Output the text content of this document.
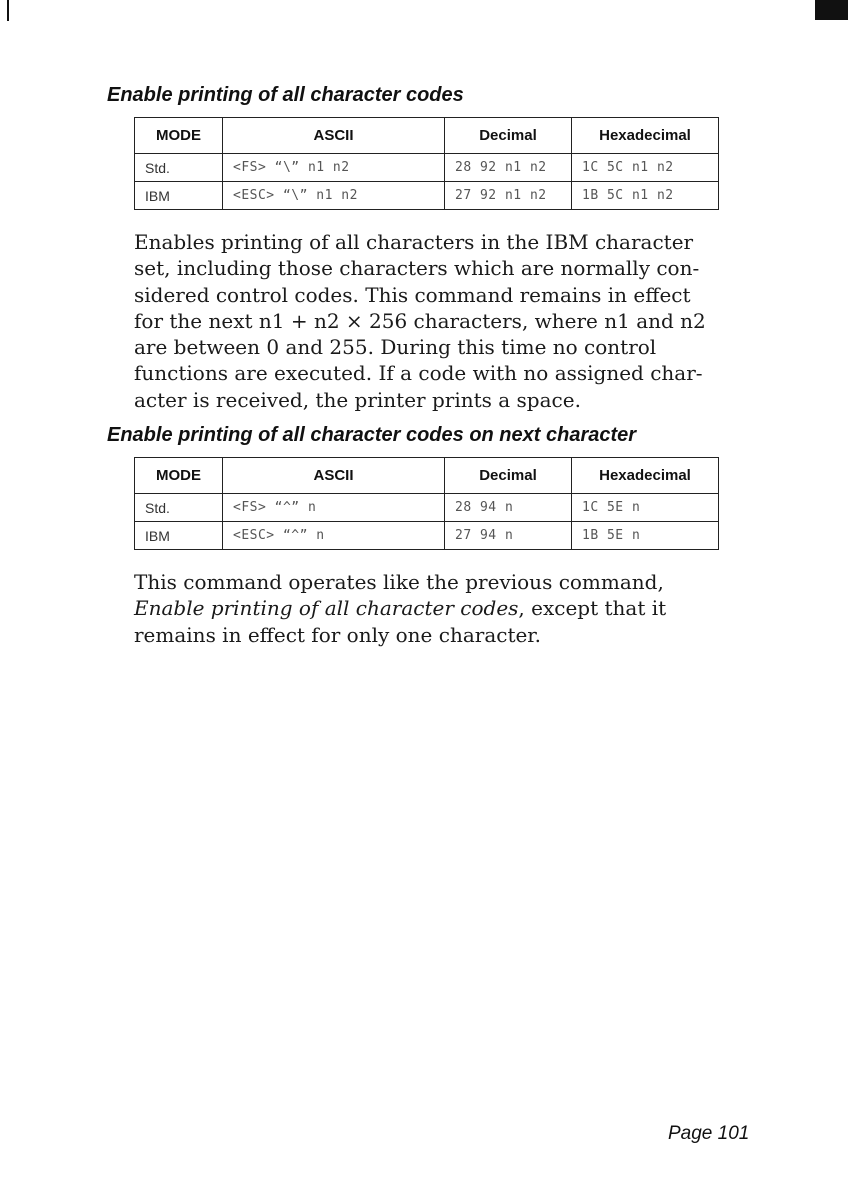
Enable printing of all character codes
MODE	ASCII	Decimal	Hexadecimal
Std.	<FS> “\” n1 n2	28 92 n1 n2	1C 5C n1 n2
IBM	<ESC> “\” n1 n2	27 92 n1 n2	1B 5C n1 n2
Enables printing of all characters in the IBM character
set, including those characters which are normally con-
sidered control codes. This command remains in effect
for the next n1 + n2 × 256 characters, where n1 and n2
are between 0 and 255. During this time no control
functions are executed. If a code with no assigned char-
acter is received, the printer prints a space.
Enable printing of all character codes on next character
MODE	ASCII	Decimal	Hexadecimal
Std.	<FS> “^” n	28 94 n	1C 5E n
IBM	<ESC> “^” n	27 94 n	1B 5E n
This command operates like the previous command,
Enable printing of all character codes, except that it
remains in effect for only one character.
Page 101
